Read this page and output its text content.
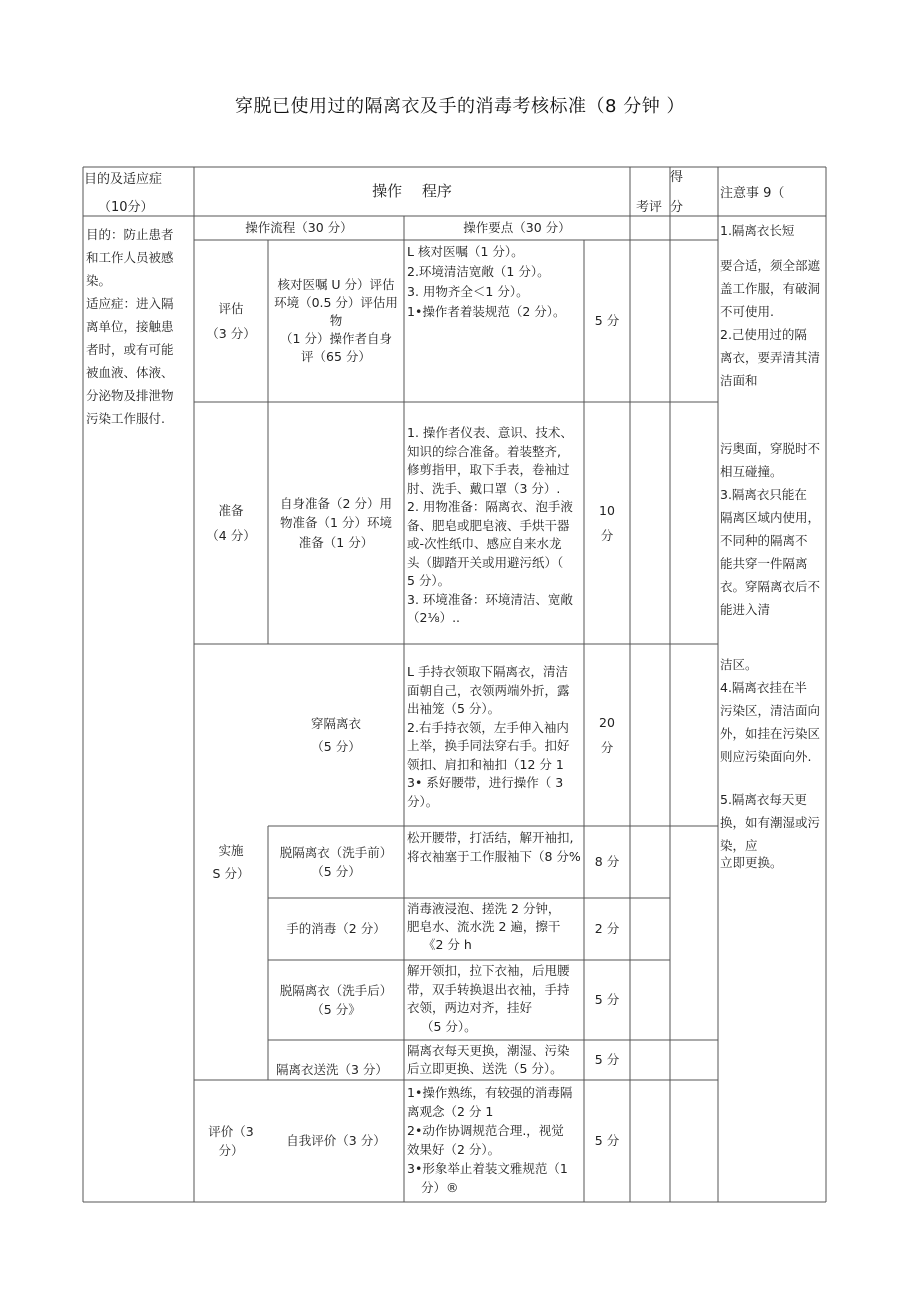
穿脱已使用过的隔离衣及手的消毒考核标准（8 分钟 ）
目的及适应症
（10分）
操作　 程序
考评
得
分
注意事 9（
操作流程（30 分）	操作要点（30 分）
目的：防止患者
和工作人员被感
染。
适应症：进入隔
离单位，接触患
者时，或有可能
被血液、体液、
分泌物及排泄物
污染工作服付.
1.隔离衣长短
要合适，须全部遮
盖工作服，有破洞
不可使用.
2.己使用过的隔
离衣，要弄清其清
洁面和
污奥面，穿脱时不
相互碰撞。
3.隔离衣只能在
隔离区域内使用，
不同种的隔离不
能共穿一件隔离
衣。穿隔离衣后不
能进入清
洁区。
4.隔离衣挂在半
污染区，清洁面向
外，如挂在污染区
则应污染面向外.
5.隔离衣每天更
换，如有潮湿或污
染，应
立即更换。
评估
（3 分）
核对医嘱 U 分）评估
环境（0.5 分）评估用
物
（1 分）操作者自身
评（65 分）
L 核对医嘱（1 分）。
2.环境清洁宽敞（1 分）。
3. 用物齐全＜1 分）。
1•操作者着装规范（2 分）。
5 分
准备
（4 分）
自身准备（2 分）用
物准备（1 分）环境
准备（1 分）
1. 操作者仪表、意识、技术、
知识的综合准备。着装整齐,
修剪指甲，取下手表，卷袖过
肘、洗手、戴口罩（3 分）.
2. 用物准备：隔离衣、泡手液
备、肥皂或肥皂液、手烘干器
或-次性纸巾、感应自来水龙
头（脚踏开关或用避污纸）（
5 分）。
3. 环境准备：环境清洁、宽敞
（2⅛）..
10
分
实施
S 分）
穿隔离衣
（5 分）
L 手持衣领取下隔离衣，清洁
面朝自己，衣领两端外折，露
出袖笼（5 分）。
2.右手持衣领，左手伸入袖内
上举，换手同法穿右手。扣好
领扣、肩扣和袖扣（12 分 1
3• 系好腰带，进行操作（ 3
分）。
20
分
脱隔离衣（洗手前）
（5 分）
松开腰带，打活结，解开袖扣,
将衣袖塞于工作服袖下（8 分% 8 分
手的消毒（2 分）
消毒液浸泡、搓洗 2 分钟，
肥皂水、流水洗 2 遍，擦干
《2 分 h
2 分
脱隔离衣（洗手后）
（5 分》
解开领扣，拉下衣袖，后甩腰
带，双手转换退出衣袖，手持
衣领，两边对齐，挂好
（5 分）。
5 分
隔离衣送洗（3 分）
隔离衣每天更换，潮湿、污染
后立即更换、送洗（5 分）。
5 分
评价（3
分）
自我评价（3 分）
1•操作熟练，有较强的消毒隔
离观念（2 分 1
2•动作协调规范合理.，视觉
效果好（2 分）。
3•形象举止着装文雅规范（1
分）®
5 分
